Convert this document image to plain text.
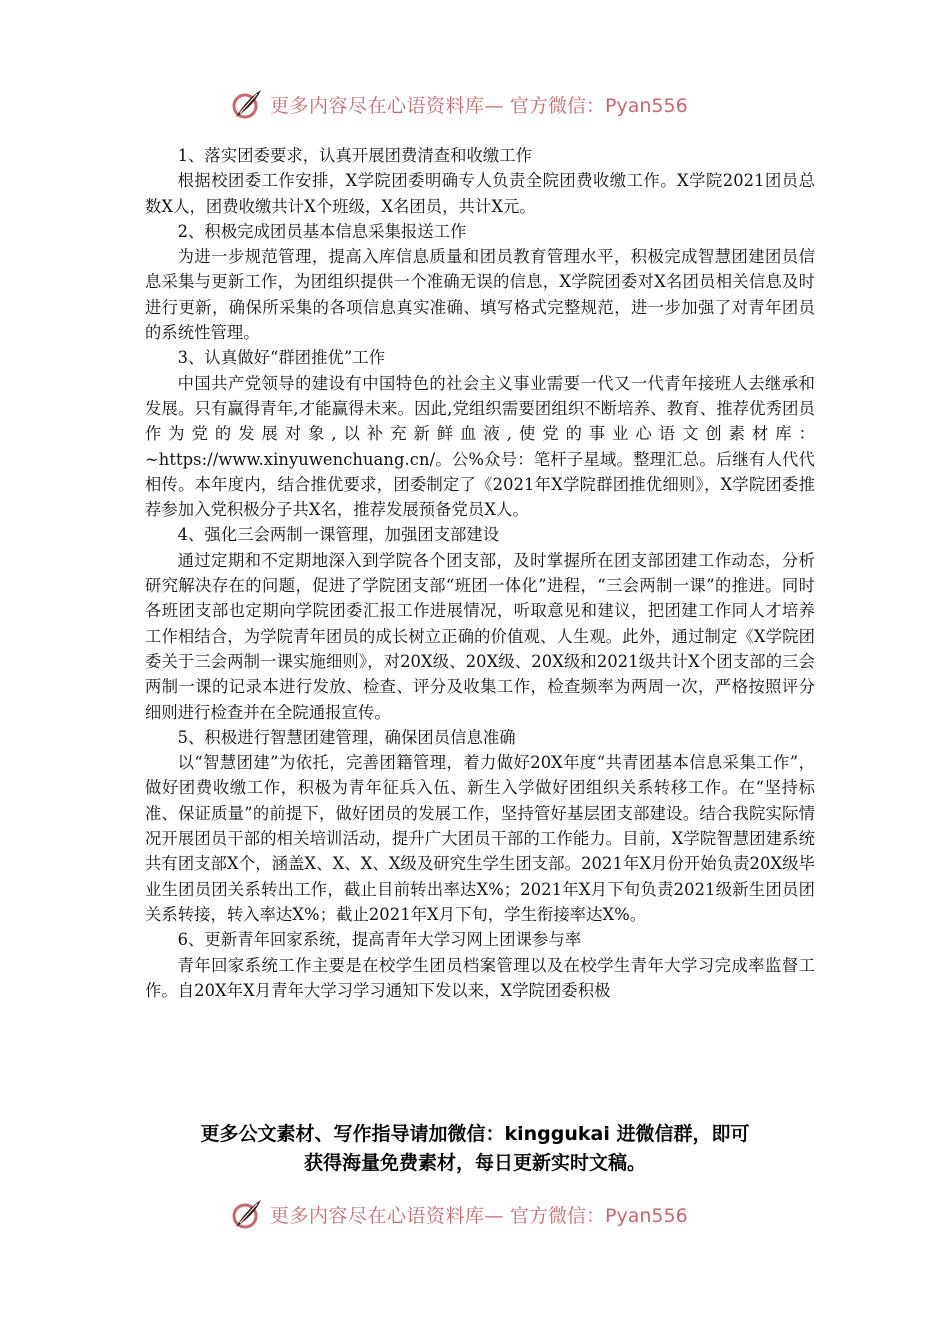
更多内容尽在心语资料库— 官方微信：Pyan556

1、落实团委要求，认真开展团费清查和收缴工作

根据校团委工作安排，X学院团委明确专人负责全院团费收缴工作。X学院2021团员总数X人，团费收缴共计X个班级，X名团员，共计X元。

2、积极完成团员基本信息采集报送工作

为进一步规范管理，提高入库信息质量和团员教育管理水平，积极完成智慧团建团员信息采集与更新工作，为团组织提供一个准确无误的信息，X学院团委对X名团员相关信息及时进行更新，确保所采集的各项信息真实准确、填写格式完整规范，进一步加强了对青年团员的系统性管理。

3、认真做好“群团推优”工作

中国共产党领导的建设有中国特色的社会主义事业需要一代又一代青年接班人去继承和发展。只有赢得青年,才能赢得未来。因此,党组织需要团组织不断培养、教育、推荐优秀团员作为党的发展对象,以补充新鲜血液,使党的事业心语文创素材库：~https://www.xinyuwenchuang.cn/。公%众号：笔杆子星域。整理汇总。后继有人代代相传。本年度内，结合推优要求，团委制定了《2021年X学院群团推优细则》，X学院团委推荐参加入党积极分子共X名，推荐发展预备党员X人。

4、强化三会两制一课管理，加强团支部建设

通过定期和不定期地深入到学院各个团支部，及时掌握所在团支部团建工作动态，分析研究解决存在的问题，促进了学院团支部“班团一体化”进程，“三会两制一课”的推进。同时各班团支部也定期向学院团委汇报工作进展情况，听取意见和建议，把团建工作同人才培养工作相结合，为学院青年团员的成长树立正确的价值观、人生观。此外，通过制定《X学院团委关于三会两制一课实施细则》，对20X级、20X级、20X级和2021级共计X个团支部的三会两制一课的记录本进行发放、检查、评分及收集工作，检查频率为两周一次，严格按照评分细则进行检查并在全院通报宣传。

5、积极进行智慧团建管理，确保团员信息准确

以“智慧团建”为依托，完善团籍管理，着力做好20X年度“共青团基本信息采集工作”，做好团费收缴工作，积极为青年征兵入伍、新生入学做好团组织关系转移工作。在“坚持标准、保证质量”的前提下，做好团员的发展工作，坚持管好基层团支部建设。结合我院实际情况开展团员干部的相关培训活动，提升广大团员干部的工作能力。目前，X学院智慧团建系统共有团支部X个，涵盖X、X、X、X级及研究生学生团支部。2021年X月份开始负责20X级毕业生团员团关系转出工作，截止目前转出率达X%；2021年X月下旬负责2021级新生团员团关系转接，转入率达X%；截止2021年X月下旬，学生衔接率达X%。

6、更新青年回家系统，提高青年大学习网上团课参与率

青年回家系统工作主要是在校学生团员档案管理以及在校学生青年大学习完成率监督工作。自20X年X月青年大学习学习通知下发以来，X学院团委积极

更多公文素材、写作指导请加微信：kinggukai 进微信群，即可
获得海量免费素材，每日更新实时文稿。
更多内容尽在心语资料库— 官方微信：Pyan556
